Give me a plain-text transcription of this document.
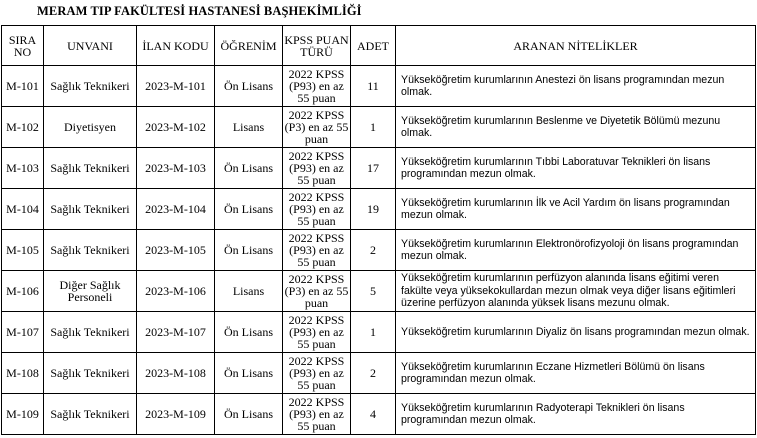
MERAM TIP FAKÜLTESİ HASTANESİ BAŞHEKİMLİĞİ
SIRA NO	UNVANI	İLAN KODU	ÖĞRENİM	KPSS PUAN TÜRÜ	ADET	ARANAN NİTELİKLER
M-101	Sağlık Teknikeri	2023-M-101	Ön Lisans	2022 KPSS (P93) en az 55 puan	11	Yükseköğretim kurumlarının Anestezi ön lisans programından mezun olmak.
M-102	Diyetisyen	2023-M-102	Lisans	2022 KPSS (P3) en az 55 puan	1	Yükseköğretim kurumlarının Beslenme ve Diyetetik Bölümü mezunu olmak.
M-103	Sağlık Teknikeri	2023-M-103	Ön Lisans	2022 KPSS (P93) en az 55 puan	17	Yükseköğretim kurumlarının Tıbbi Laboratuvar Teknikleri ön lisans programından mezun olmak.
M-104	Sağlık Teknikeri	2023-M-104	Ön Lisans	2022 KPSS (P93) en az 55 puan	19	Yükseköğretim kurumlarının İlk ve Acil Yardım ön lisans programından mezun olmak.
M-105	Sağlık Teknikeri	2023-M-105	Ön Lisans	2022 KPSS (P93) en az 55 puan	2	Yükseköğretim kurumlarının Elektronörofizyoloji ön lisans programından mezun olmak.
M-106	Diğer Sağlık Personeli	2023-M-106	Lisans	2022 KPSS (P3) en az 55 puan	5	Yükseköğretim kurumlarının perfüzyon alanında lisans eğitimi veren fakülte veya yüksekokullardan mezun olmak veya diğer lisans eğitimleri üzerine perfüzyon alanında yüksek lisans mezunu olmak.
M-107	Sağlık Teknikeri	2023-M-107	Ön Lisans	2022 KPSS (P93) en az 55 puan	1	Yükseköğretim kurumlarının Diyaliz ön lisans programından mezun olmak.
M-108	Sağlık Teknikeri	2023-M-108	Ön Lisans	2022 KPSS (P93) en az 55 puan	2	Yükseköğretim kurumlarının Eczane Hizmetleri Bölümü ön lisans programından mezun olmak.
M-109	Sağlık Teknikeri	2023-M-109	Ön Lisans	2022 KPSS (P93) en az 55 puan	4	Yükseköğretim kurumlarının Radyoterapi Teknikleri ön lisans programından mezun olmak.
